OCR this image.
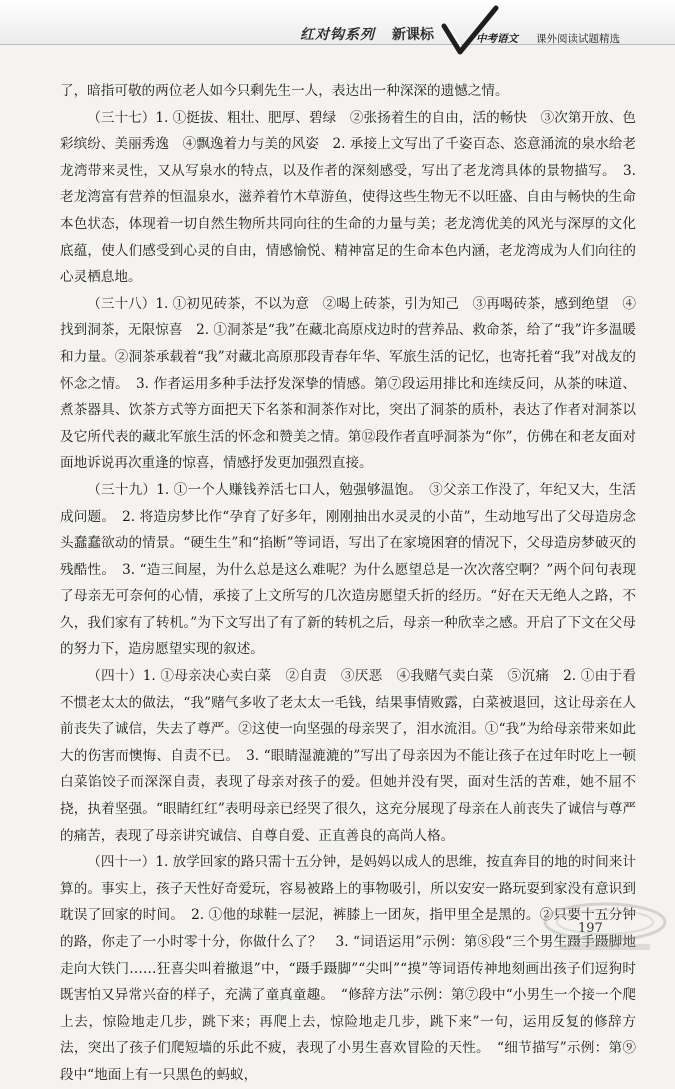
红对钩系列 新课标	中考语文 课外阅读试题精选

了，暗指可敬的两位老人如今只剩先生一人，表达出一种深深的遗憾之情。

（三十七）1. ①挺拔、粗壮、肥厚、碧绿　②张扬着生的自由，活的畅快　③次第开放、色彩缤纷、美丽秀逸　④飘逸着力与美的风姿　2. 承接上文写出了千姿百态、恣意涌流的泉水给老龙湾带来灵性，又从写泉水的特点，以及作者的深刻感受，写出了老龙湾具体的景物描写。　3. 老龙湾富有营养的恒温泉水，滋养着竹木草游鱼，使得这些生物无不以旺盛、自由与畅快的生命本色状态，体现着一切自然生物所共同向往的生命的力量与美；老龙湾优美的风光与深厚的文化底蕴，使人们感受到心灵的自由，情感愉悦、精神富足的生命本色内涵，老龙湾成为人们向往的心灵栖息地。

（三十八）1. ①初见砖茶，不以为意　②喝上砖茶，引为知己　③再喝砖茶，感到绝望　④找到洞茶，无限惊喜　2. ①洞茶是“我”在藏北高原戍边时的营养品、救命茶，给了“我”许多温暖和力量。②洞茶承载着“我”对藏北高原那段青春年华、军旅生活的记忆，也寄托着“我”对战友的怀念之情。　3. 作者运用多种手法抒发深挚的情感。第⑦段运用排比和连续反问，从茶的味道、煮茶器具、饮茶方式等方面把天下名茶和洞茶作对比，突出了洞茶的质朴，表达了作者对洞茶以及它所代表的藏北军旅生活的怀念和赞美之情。第⑫段作者直呼洞茶为“你”，仿佛在和老友面对面地诉说再次重逢的惊喜，情感抒发更加强烈直接。

（三十九）1. ①一个人赚钱养活七口人，勉强够温饱。　③父亲工作没了，年纪又大，生活成问题。　2. 将造房梦比作“孕育了好多年，刚刚抽出水灵灵的小苗”，生动地写出了父母造房念头蠢蠢欲动的情景。“硬生生”和“掐断”等词语，写出了在家境困窘的情况下，父母造房梦破灭的残酷性。　3. “造三间屋，为什么总是这么难呢？为什么愿望总是一次次落空啊？”两个问句表现了母亲无可奈何的心情，承接了上文所写的几次造房愿望夭折的经历。“好在天无绝人之路，不久，我们家有了转机。”为下文写出了有了新的转机之后，母亲一种欣幸之感。开启了下文在父母的努力下，造房愿望实现的叙述。

（四十）1. ①母亲决心卖白菜　②自责　③厌恶　④我赌气卖白菜　⑤沉痛　2. ①由于看不惯老太太的做法，“我”赌气多收了老太太一毛钱，结果事情败露，白菜被退回，这让母亲在人前丧失了诚信，失去了尊严。②这使一向坚强的母亲哭了，泪水流泪。①“我”为给母亲带来如此大的伤害而懊悔、自责不已。　3. “眼睛湿漉漉的”写出了母亲因为不能让孩子在过年时吃上一顿白菜馅饺子而深深自责，表现了母亲对孩子的爱。但她并没有哭，面对生活的苦难，她不屈不挠，执着坚强。“眼睛红红”表明母亲已经哭了很久，这充分展现了母亲在人前丧失了诚信与尊严的痛苦，表现了母亲讲究诚信、自尊自爱、正直善良的高尚人格。

（四十一）1. 放学回家的路只需十五分钟，是妈妈以成人的思维，按直奔目的地的时间来计算的。事实上，孩子天性好奇爱玩，容易被路上的事物吸引，所以安安一路玩耍到家没有意识到耽误了回家的时间。　2. ①他的球鞋一层泥，裤膝上一团灰，指甲里全是黑的。②只要十五分钟的路，你走了一小时零十分，你做什么了？　3. “词语运用”示例：第⑧段“三个男生蹑手蹑脚地走向大铁门……狂喜尖叫着撤退”中，“蹑手蹑脚”“尖叫”“摸”等词语传神地刻画出孩子们逗狗时既害怕又异常兴奋的样子，充满了童真童趣。　“修辞方法”示例：第⑦段中“小男生一个接一个爬上去，惊险地走几步，跳下来；再爬上去，惊险地走几步，跳下来”一句，运用反复的修辞方法，突出了孩子们爬短墙的乐此不疲，表现了小男生喜欢冒险的天性。　“细节描写”示例：第⑨段中“地面上有一只黑色的蚂蚁，

197
